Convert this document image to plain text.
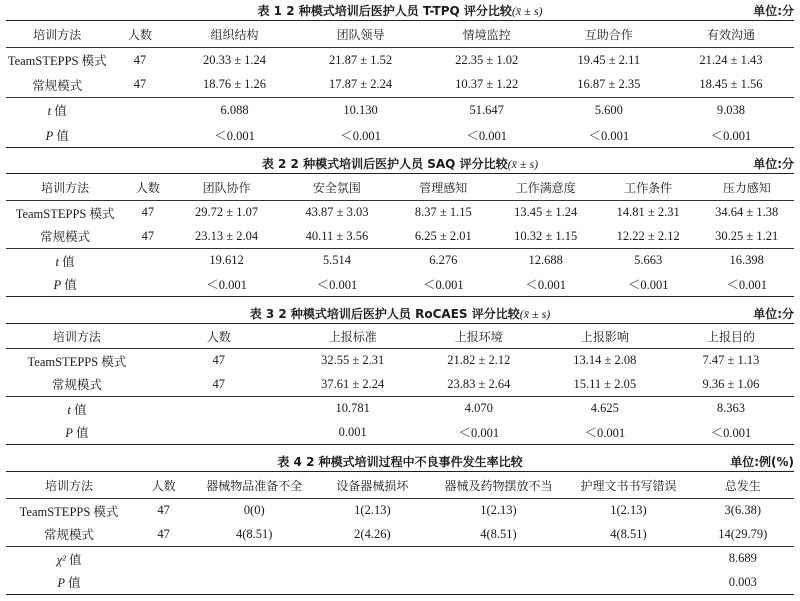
表 1 2 种模式培训后医护人员 T-TPQ 评分比较(x̄ ± s)	单位:分
培训方法	人数	组织结构	团队领导	情境监控	互助合作	有效沟通
TeamSTEPPS 模式	47	20.33 ± 1.24	21.87 ± 1.52	22.35 ± 1.02	19.45 ± 2.11	21.24 ± 1.43
常规模式	47	18.76 ± 1.26	17.87 ± 2.24	10.37 ± 1.22	16.87 ± 2.35	18.45 ± 1.56
t 值		6.088	10.130	51.647	5.600	9.038
P 值		＜0.001	＜0.001	＜0.001	＜0.001	＜0.001
表 2 2 种模式培训后医护人员 SAQ 评分比较(x̄ ± s)	单位:分
培训方法	人数	团队协作	安全氛围	管理感知	工作满意度	工作条件	压力感知
TeamSTEPPS 模式	47	29.72 ± 1.07	43.87 ± 3.03	8.37 ± 1.15	13.45 ± 1.24	14.81 ± 2.31	34.64 ± 1.38
常规模式	47	23.13 ± 2.04	40.11 ± 3.56	6.25 ± 2.01	10.32 ± 1.15	12.22 ± 2.12	30.25 ± 1.21
t 值		19.612	5.514	6.276	12.688	5.663	16.398
P 值		＜0.001	＜0.001	＜0.001	＜0.001	＜0.001	＜0.001
表 3 2 种模式培训后医护人员 RoCAES 评分比较(x̄ ± s)	单位:分
培训方法	人数	上报标准	上报环境	上报影响	上报目的
TeamSTEPPS 模式	47	32.55 ± 2.31	21.82 ± 2.12	13.14 ± 2.08	7.47 ± 1.13
常规模式	47	37.61 ± 2.24	23.83 ± 2.64	15.11 ± 2.05	9.36 ± 1.06
t 值		10.781	4.070	4.625	8.363
P 值		0.001	＜0.001	＜0.001	＜0.001
表 4 2 种模式培训过程中不良事件发生率比较	单位:例(%)
培训方法	人数	器械物品准备不全	设备器械损坏	器械及药物摆放不当	护理文书书写错误	总发生
TeamSTEPPS 模式	47	0(0)	1(2.13)	1(2.13)	1(2.13)	3(6.38)
常规模式	47	4(8.51)	2(4.26)	4(8.51)	4(8.51)	14(29.79)
χ² 值						8.689
P 值						0.003
